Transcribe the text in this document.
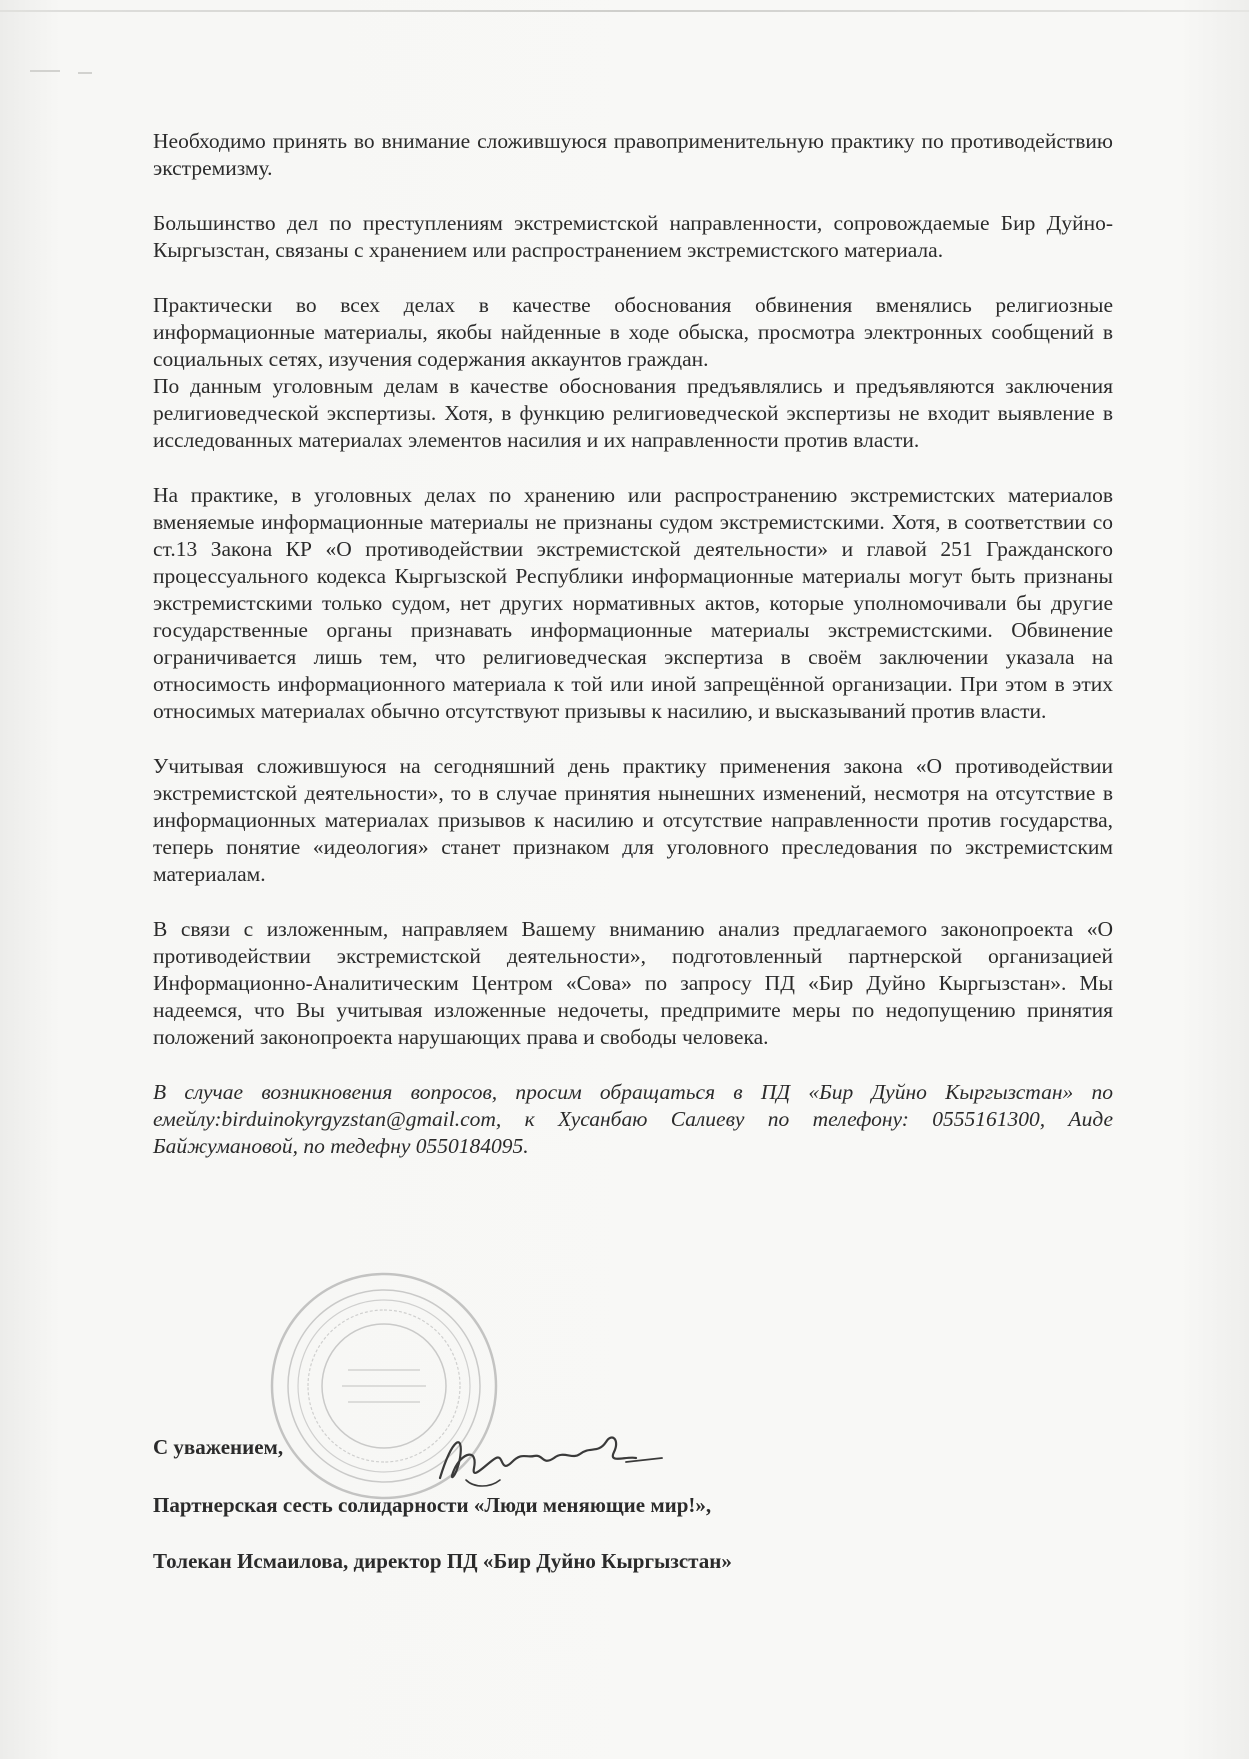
Необходимо принять во внимание сложившуюся правоприменительную практику по противодействию экстремизму.

Большинство дел по преступлениям экстремистской направленности, сопровождаемые Бир Дуйно-Кыргызстан, связаны с хранением или распространением экстремистского материала.

Практически во всех делах в качестве обоснования обвинения вменялись религиозные информационные материалы, якобы найденные в ходе обыска, просмотра электронных сообщений в социальных сетях, изучения содержания аккаунтов граждан.

По данным уголовным делам в качестве обоснования предъявлялись и предъявляются заключения религиоведческой экспертизы. Хотя, в функцию религиоведческой экспертизы не входит выявление в исследованных материалах элементов насилия и их направленности против власти.

На практике, в уголовных делах по хранению или распространению экстремистских материалов вменяемые информационные материалы не признаны судом экстремистскими. Хотя, в соответствии со ст.13 Закона КР «О противодействии экстремистской деятельности» и главой 251 Гражданского процессуального кодекса Кыргызской Республики информационные материалы могут быть признаны экстремистскими только судом, нет других нормативных актов, которые уполномочивали бы другие государственные органы признавать информационные материалы экстремистскими. Обвинение ограничивается лишь тем, что религиоведческая экспертиза в своём заключении указала на относимость информационного материала к той или иной запрещённой организации. При этом в этих относимых материалах обычно отсутствуют призывы к насилию, и высказываний против власти.

Учитывая сложившуюся на сегодняшний день практику применения закона «О противодействии экстремистской деятельности», то в случае принятия нынешних изменений, несмотря на отсутствие в информационных материалах призывов к насилию и отсутствие направленности против государства, теперь понятие «идеология» станет признаком для уголовного преследования по экстремистским материалам.

В связи с изложенным, направляем Вашему вниманию анализ предлагаемого законопроекта «О противодействии экстремистской деятельности», подготовленный партнерской организацией Информационно-Аналитическим Центром «Сова» по запросу ПД «Бир Дуйно Кыргызстан». Мы надеемся, что Вы учитывая изложенные недочеты, предпримите меры по недопущению принятия положений законопроекта нарушающих права и свободы человека.

В случае возникновения вопросов, просим обращаться в ПД «Бир Дуйно Кыргызстан» по емейлу:birduinokyrgyzstan@gmail.com, к Хусанбаю Салиеву по телефону: 0555161300, Аиде Байжумановой, по тедефну 0550184095.

С уважением,
Партнерская сесть солидарности «Люди меняющие мир!»,
Толекан Исмаилова, директор ПД «Бир Дуйно Кыргызстан»
